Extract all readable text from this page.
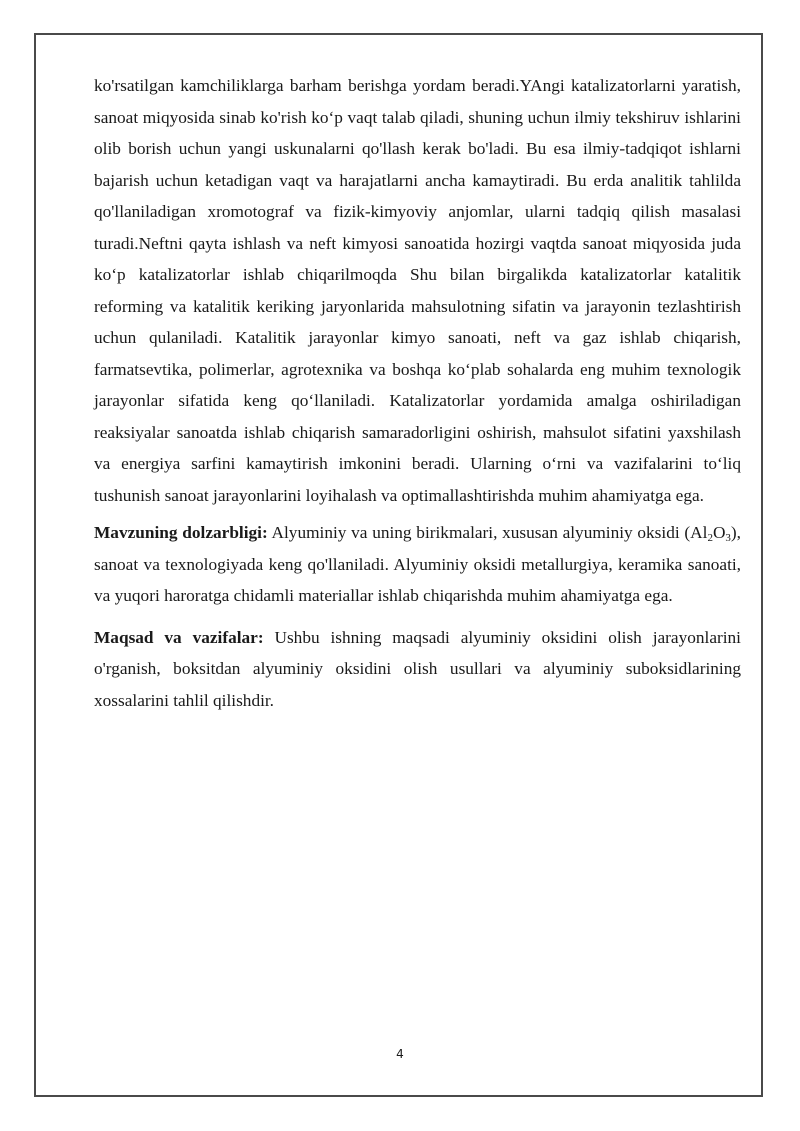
ko'rsatilgan kamchiliklarga barham berishga yordam beradi.YAngi katalizatorlarni yaratish, sanoat miqyosida sinab ko'rish ko‘p vaqt talab qiladi, shuning uchun ilmiy tekshiruv ishlarini olib borish uchun yangi uskunalarni qo'llash kerak bo'ladi. Bu esa ilmiy-tadqiqot ishlarni bajarish uchun ketadigan vaqt va harajatlarni ancha kamaytiradi. Bu erda analitik tahlilda qo'llaniladigan xromotograf va fizik-kimyoviy anjomlar, ularni tadqiq qilish masalasi turadi.Neftni qayta ishlash va neft kimyosi sanoatida hozirgi vaqtda sanoat miqyosida juda ko‘p katalizatorlar ishlab chiqarilmoqda Shu bilan birgalikda katalizatorlar katalitik reforming va katalitik keriking jaryonlarida mahsulotning sifatin va jarayonin tezlashtirish uchun qulaniladi. Katalitik jarayonlar kimyo sanoati, neft va gaz ishlab chiqarish, farmatsevtika, polimerlar, agrotexnika va boshqa ko‘plab sohalarda eng muhim texnologik jarayonlar sifatida keng qo‘llaniladi. Katalizatorlar yordamida amalga oshiriladigan reaksiyalar sanoatda ishlab chiqarish samaradorligini oshirish, mahsulot sifatini yaxshilash va energiya sarfini kamaytirish imkonini beradi. Ularning o‘rni va vazifalarini to‘liq tushunish sanoat jarayonlarini loyihalash va optimallashtirishda muhim ahamiyatga ega.

Mavzuning dolzarbligi: Alyuminiy va uning birikmalari, xususan alyuminiy oksidi $(Al_2O_3)$, sanoat va texnologiyada keng qo'llaniladi. Alyuminiy oksidi metallurgiya, keramika sanoati, va yuqori haroratga chidamli materiallar ishlab chiqarishda muhim ahamiyatga ega.

Maqsad va vazifalar: Ushbu ishning maqsadi alyuminiy oksidini olish jarayonlarini o'rganish, boksitdan alyuminiy oksidini olish usullari va alyuminiy suboksidlarining xossalarini tahlil qilishdir.

4
